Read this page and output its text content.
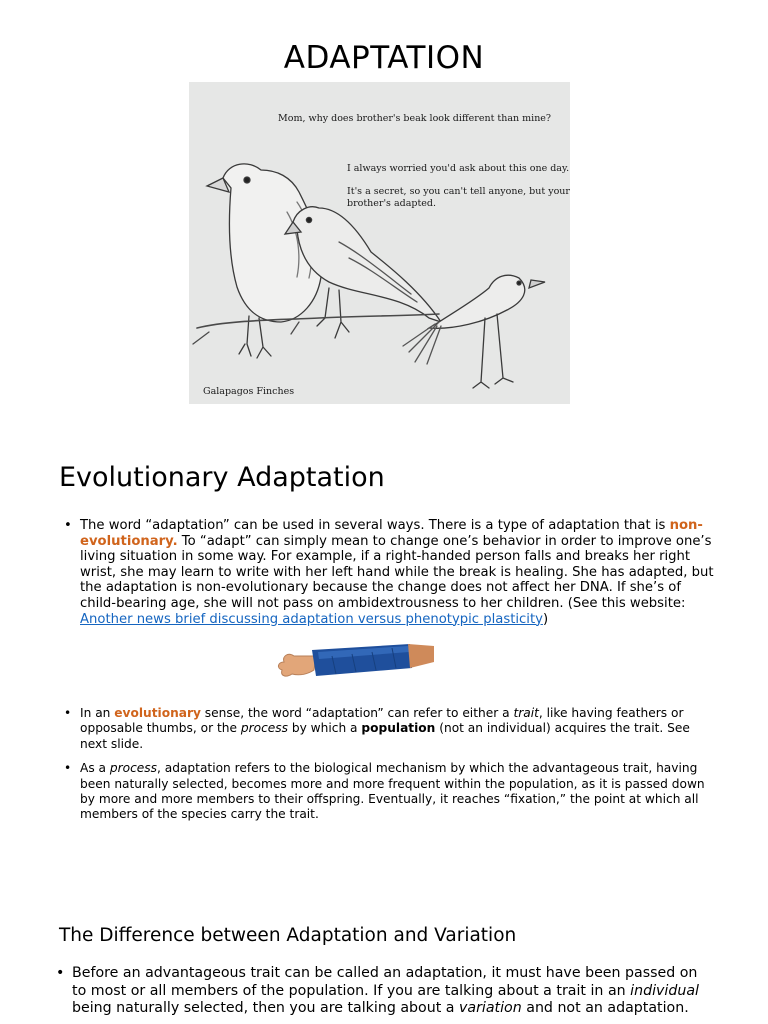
ADAPTATION
Mom, why does brother's beak look different than mine?
I always worried you'd ask about this one day.
It's a secret, so you can't tell anyone, but your
brother's adapted.
Galapagos Finches
Evolutionary Adaptation
• The word “adaptation” can be used in several ways. There is a type of adaptation that is non-evolutionary. To “adapt” can simply mean to change one’s behavior in order to improve one’s living situation in some way. For example, if a right-handed person falls and breaks her right wrist, she may learn to write with her left hand while the break is healing. She has adapted, but the adaptation is non-evolutionary because the change does not affect her DNA. If she’s of child-bearing age, she will not pass on ambidextrousness to her children. (See this website:
Another news brief discussing adaptation versus phenotypic plasticity)
• In an evolutionary sense, the word “adaptation” can refer to either a trait, like having feathers or opposable thumbs, or the process by which a population (not an individual) acquires the trait. See next slide.
• As a process, adaptation refers to the biological mechanism by which the advantageous trait, having been naturally selected, becomes more and more frequent within the population, as it is passed down by more and more members to their offspring. Eventually, it reaches “fixation,” the point at which all members of the species carry the trait.
The Difference between Adaptation and Variation
• Before an advantageous trait can be called an adaptation, it must have been passed on to most or all members of the population. If you are talking about a trait in an individual being naturally selected, then you are talking about a variation and not an adaptation.
